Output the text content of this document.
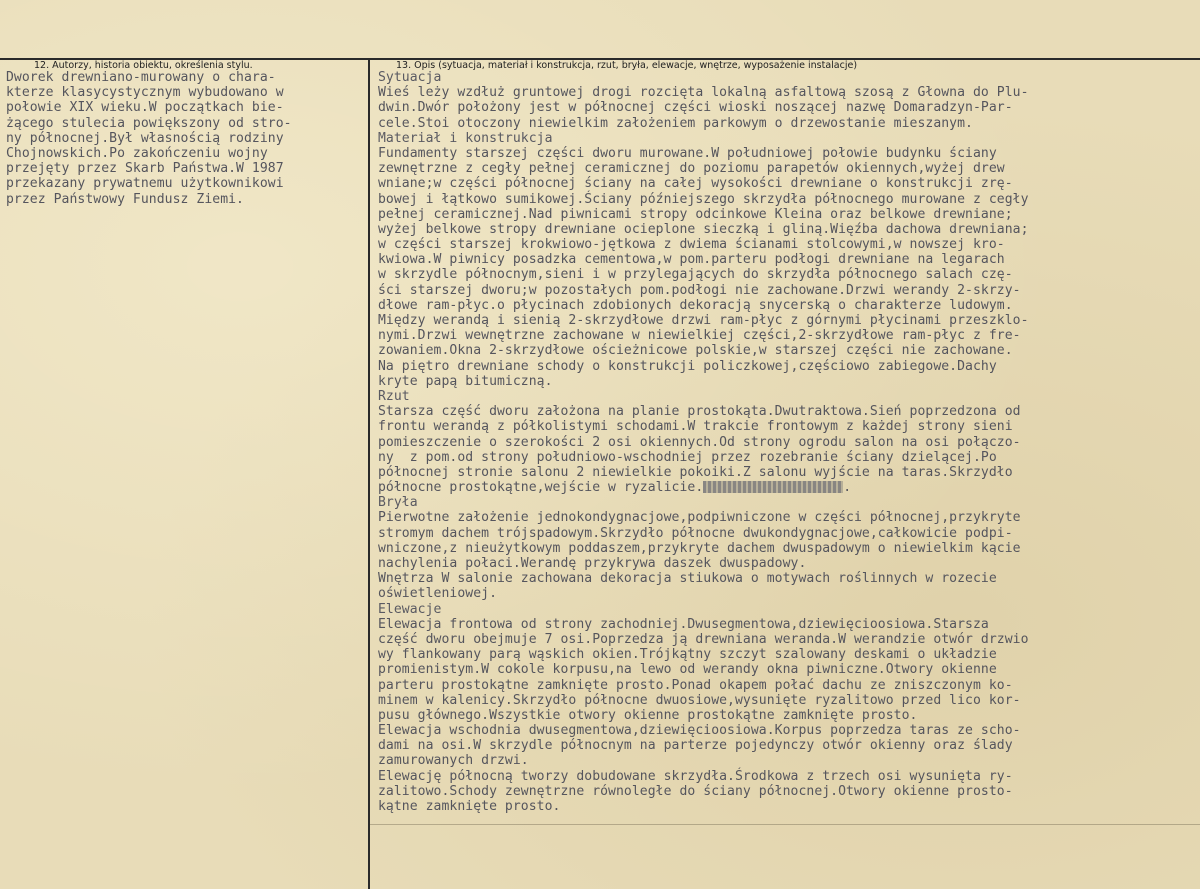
12. Autorzy, historia obiektu, określenia stylu.	13. Opis (sytuacja, materiał i konstrukcja, rzut, bryła, elewacje, wnętrze, wyposażenie instalacje)
Dworek drewniano-murowany o chara-
kterze klasycystycznym wybudowano w
połowie XIX wieku.W początkach bie-
żącego stulecia powiększony od stro-
ny północnej.Był własnością rodziny
Chojnowskich.Po zakończeniu wojny
przejęty przez Skarb Państwa.W 1987
przekazany prywatnemu użytkownikowi
przez Państwowy Fundusz Ziemi.
Sytuacja
Wieś leży wzdłuż gruntowej drogi rozcięta lokalną asfaltową szosą z Głowna do Plu-
dwin.Dwór położony jest w północnej części wioski noszącej nazwę Domaradzyn-Par-
cele.Stoi otoczony niewielkim założeniem parkowym o drzewostanie mieszanym.
Materiał i konstrukcja
Fundamenty starszej części dworu murowane.W południowej połowie budynku ściany
zewnętrzne z cegły pełnej ceramicznej do poziomu parapetów okiennych,wyżej drew
wniane;w części północnej ściany na całej wysokości drewniane o konstrukcji zrę-
bowej i łątkowo sumikowej.Ściany późniejszego skrzydła północnego murowane z cegły
pełnej ceramicznej.Nad piwnicami stropy odcinkowe Kleina oraz belkowe drewniane;
wyżej belkowe stropy drewniane ocieplone sieczką i gliną.Więźba dachowa drewniana;
w części starszej krokwiowo-jętkowa z dwiema ścianami stolcowymi,w nowszej kro-
kwiowa.W piwnicy posadzka cementowa,w pom.parteru podłogi drewniane na legarach
w skrzydle północnym,sieni i w przylegających do skrzydła północnego salach czę-
ści starszej dworu;w pozostałych pom.podłogi nie zachowane.Drzwi werandy 2-skrzy-
dłowe ram-płyc.o płycinach zdobionych dekoracją snycerską o charakterze ludowym.
Między werandą i sienią 2-skrzydłowe drzwi ram-płyc z górnymi płycinami przeszklo-
nymi.Drzwi wewnętrzne zachowane w niewielkiej części,2-skrzydłowe ram-płyc z fre-
zowaniem.Okna 2-skrzydłowe ościeżnicowe polskie,w starszej części nie zachowane.
Na piętro drewniane schody o konstrukcji policzkowej,częściowo zabiegowe.Dachy
kryte papą bitumiczną.
Rzut
Starsza część dworu założona na planie prostokąta.Dwutraktowa.Sień poprzedzona od
frontu werandą z półkolistymi schodami.W trakcie frontowym z każdej strony sieni
pomieszczenie o szerokości 2 osi okiennych.Od strony ogrodu salon na osi połączo-
ny  z pom.od strony południowo-wschodniej przez rozebranie ściany dzielącej.Po
północnej stronie salonu 2 niewielkie pokoiki.Z salonu wyjście na taras.Skrzydło
północne prostokątne,wejście w ryzalicie.	.
Bryła
Pierwotne założenie jednokondygnacjowe,podpiwniczone w części północnej,przykryte
stromym dachem trójspadowym.Skrzydło północne dwukondygnacjowe,całkowicie podpi-
wniczone,z nieużytkowym poddaszem,przykryte dachem dwuspadowym o niewielkim kącie
nachylenia połaci.Werandę przykrywa daszek dwuspadowy.
Wnętrza W salonie zachowana dekoracja stiukowa o motywach roślinnych w rozecie
oświetleniowej.
Elewacje
Elewacja frontowa od strony zachodniej.Dwusegmentowa,dziewięcioosiowa.Starsza
część dworu obejmuje 7 osi.Poprzedza ją drewniana weranda.W werandzie otwór drzwio
wy flankowany parą wąskich okien.Trójkątny szczyt szalowany deskami o układzie
promienistym.W cokole korpusu,na lewo od werandy okna piwniczne.Otwory okienne
parteru prostokątne zamknięte prosto.Ponad okapem połać dachu ze zniszczonym ko-
minem w kalenicy.Skrzydło północne dwuosiowe,wysunięte ryzalitowo przed lico kor-
pusu głównego.Wszystkie otwory okienne prostokątne zamknięte prosto.
Elewacja wschodnia dwusegmentowa,dziewięcioosiowa.Korpus poprzedza taras ze scho-
dami na osi.W skrzydle północnym na parterze pojedynczy otwór okienny oraz ślady
zamurowanych drzwi.
Elewację północną tworzy dobudowane skrzydła.Środkowa z trzech osi wysunięta ry-
zalitowo.Schody zewnętrzne równoległe do ściany północnej.Otwory okienne prosto-
kątne zamknięte prosto.
